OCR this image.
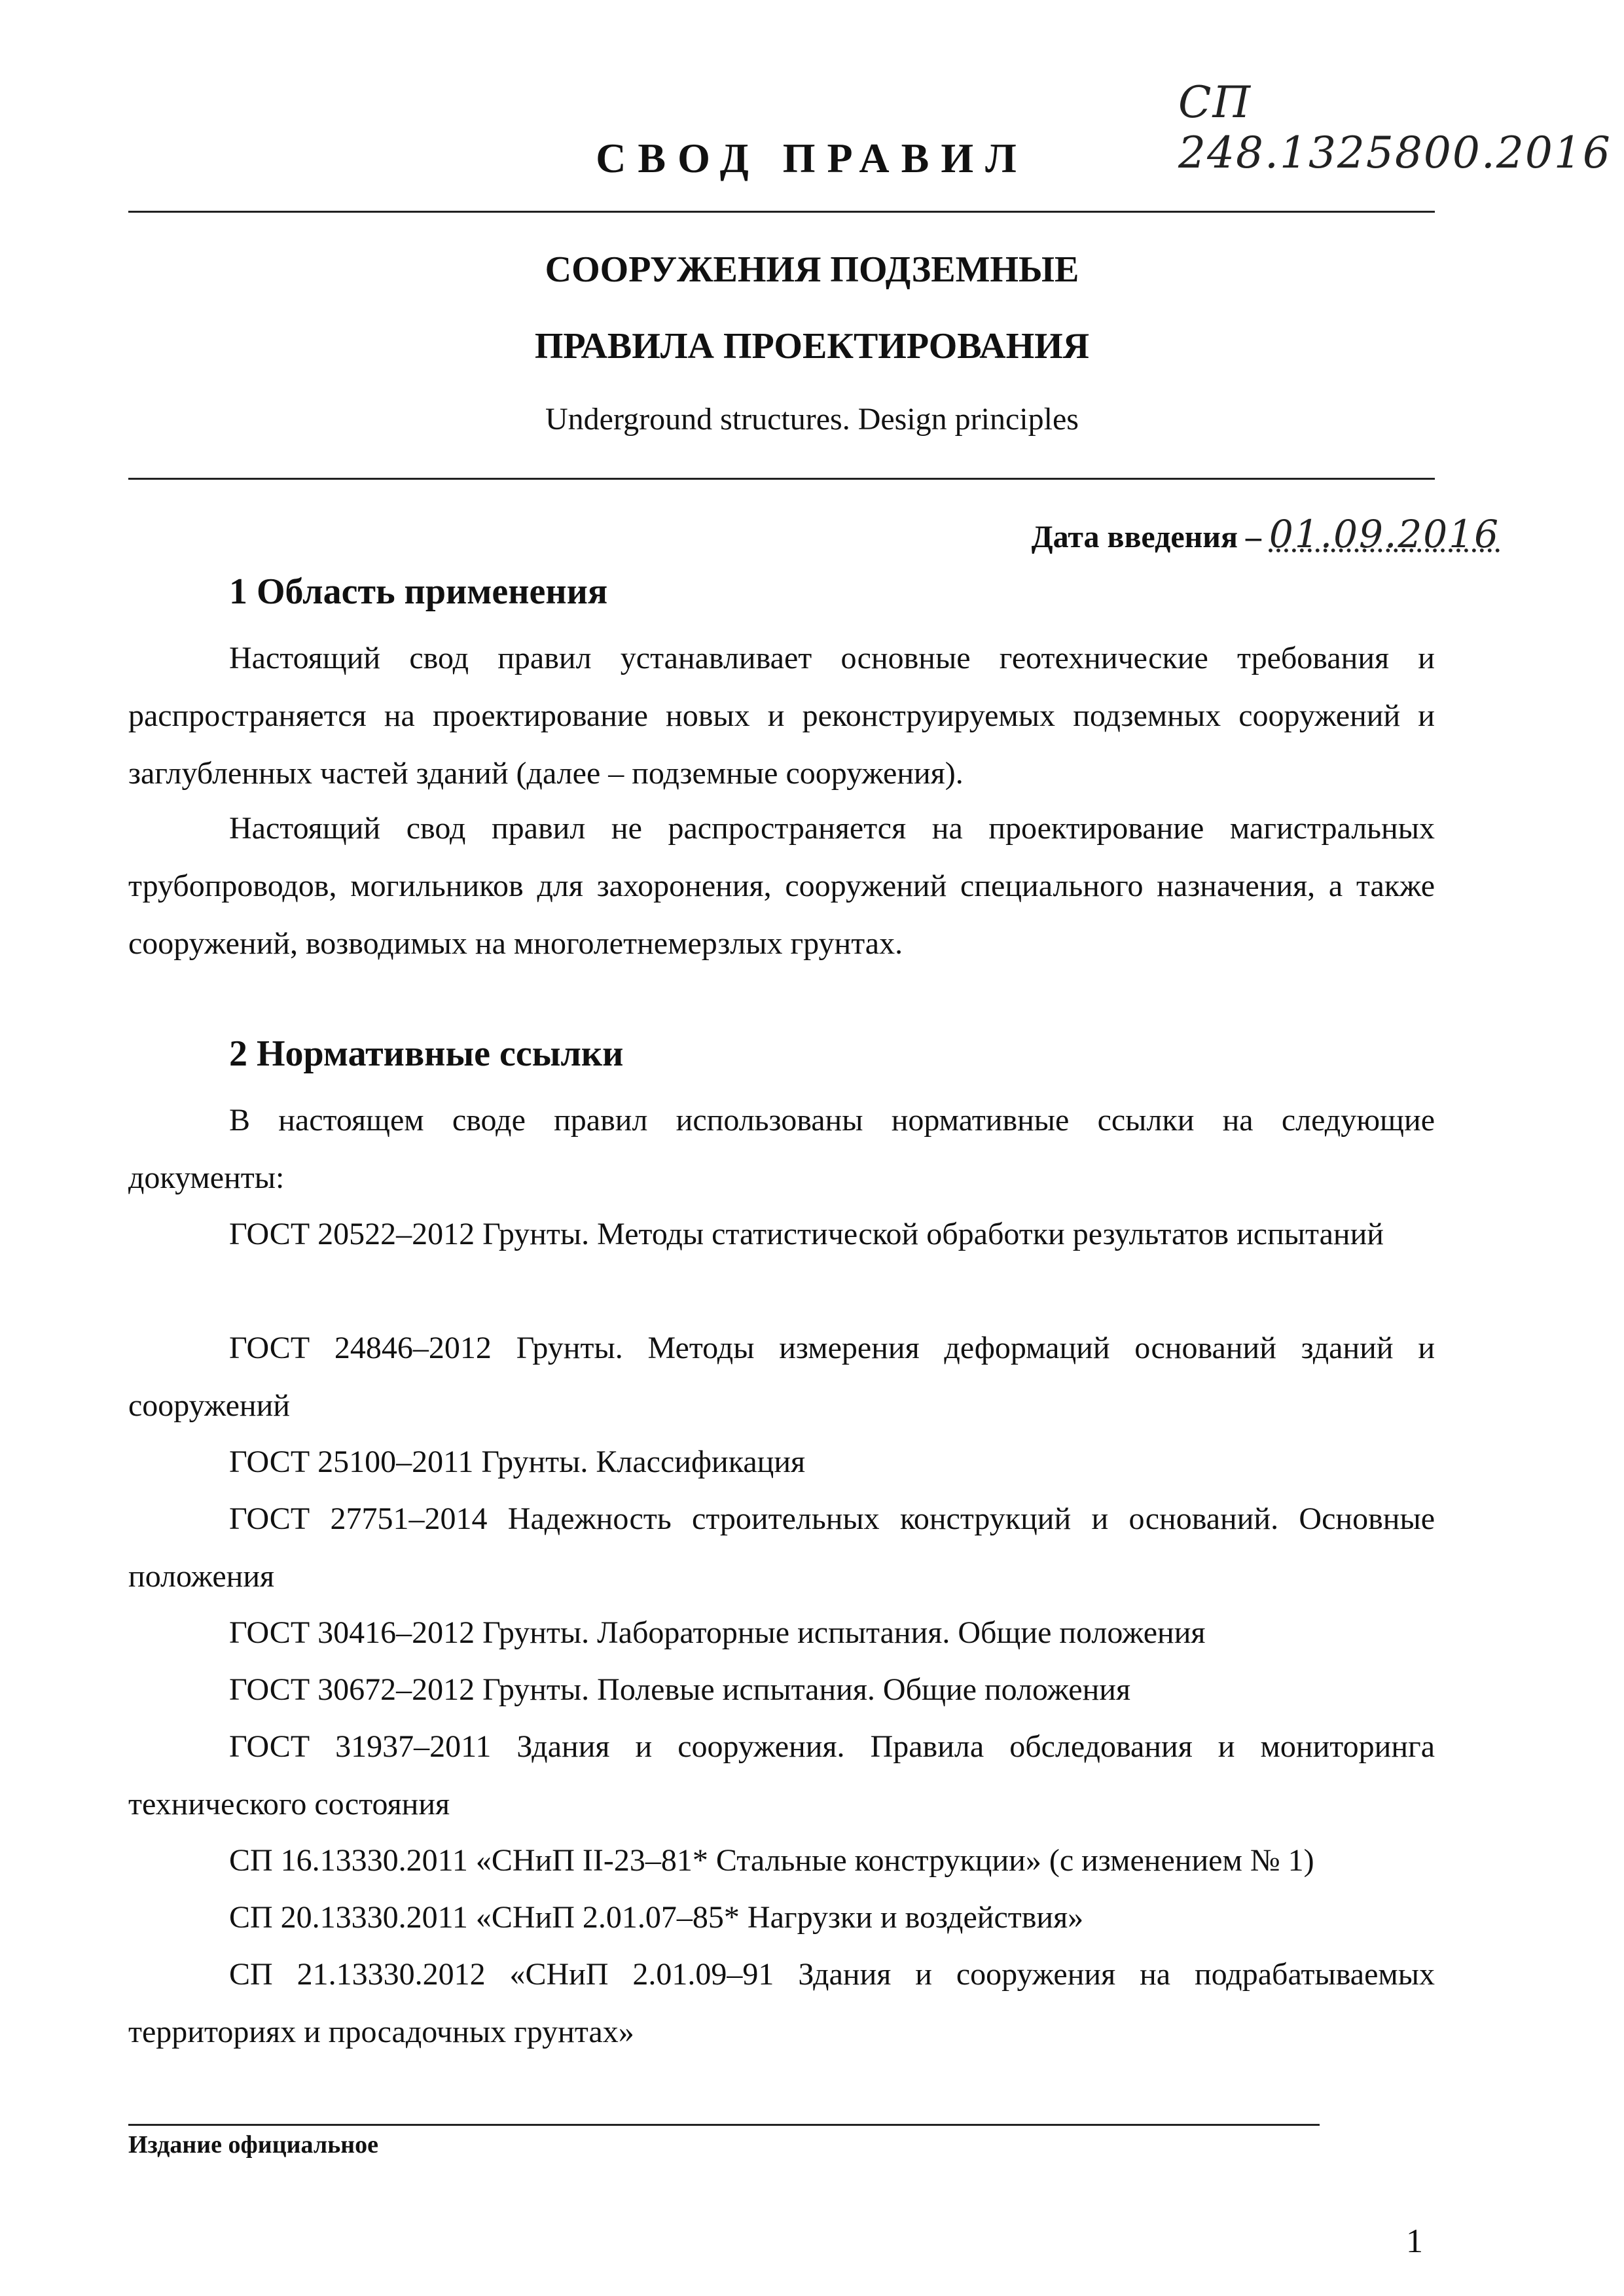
СП 248.1325800.2016
СВОД ПРАВИЛ
СООРУЖЕНИЯ ПОДЗЕМНЫЕ
ПРАВИЛА ПРОЕКТИРОВАНИЯ
Underground structures. Design principles
Дата введения – 01.09.2016
1 Область применения
Настоящий свод правил устанавливает основные геотехнические требования и распространяется на проектирование новых и реконструируемых подземных сооружений и заглубленных частей зданий (далее – подземные сооружения).
Настоящий свод правил не распространяется на проектирование магистральных трубопроводов, могильников для захоронения, сооружений специального назначения, а также сооружений, возводимых на многолетнемерзлых грунтах.
2 Нормативные ссылки
В настоящем своде правил использованы нормативные ссылки на следующие документы:
ГОСТ 20522–2012 Грунты. Методы статистической обработки результатов испытаний
ГОСТ 24846–2012 Грунты. Методы измерения деформаций оснований зданий и сооружений
ГОСТ 25100–2011 Грунты. Классификация
ГОСТ 27751–2014 Надежность строительных конструкций и оснований. Основные положения
ГОСТ 30416–2012 Грунты. Лабораторные испытания. Общие положения
ГОСТ 30672–2012 Грунты. Полевые испытания. Общие положения
ГОСТ 31937–2011 Здания и сооружения. Правила обследования и мониторинга технического состояния
СП 16.13330.2011 «СНиП II-23–81* Стальные конструкции» (с изменением № 1)
СП 20.13330.2011 «СНиП 2.01.07–85* Нагрузки и воздействия»
СП 21.13330.2012 «СНиП 2.01.09–91 Здания и сооружения на подрабатываемых территориях и просадочных грунтах»
Издание официальное
1
